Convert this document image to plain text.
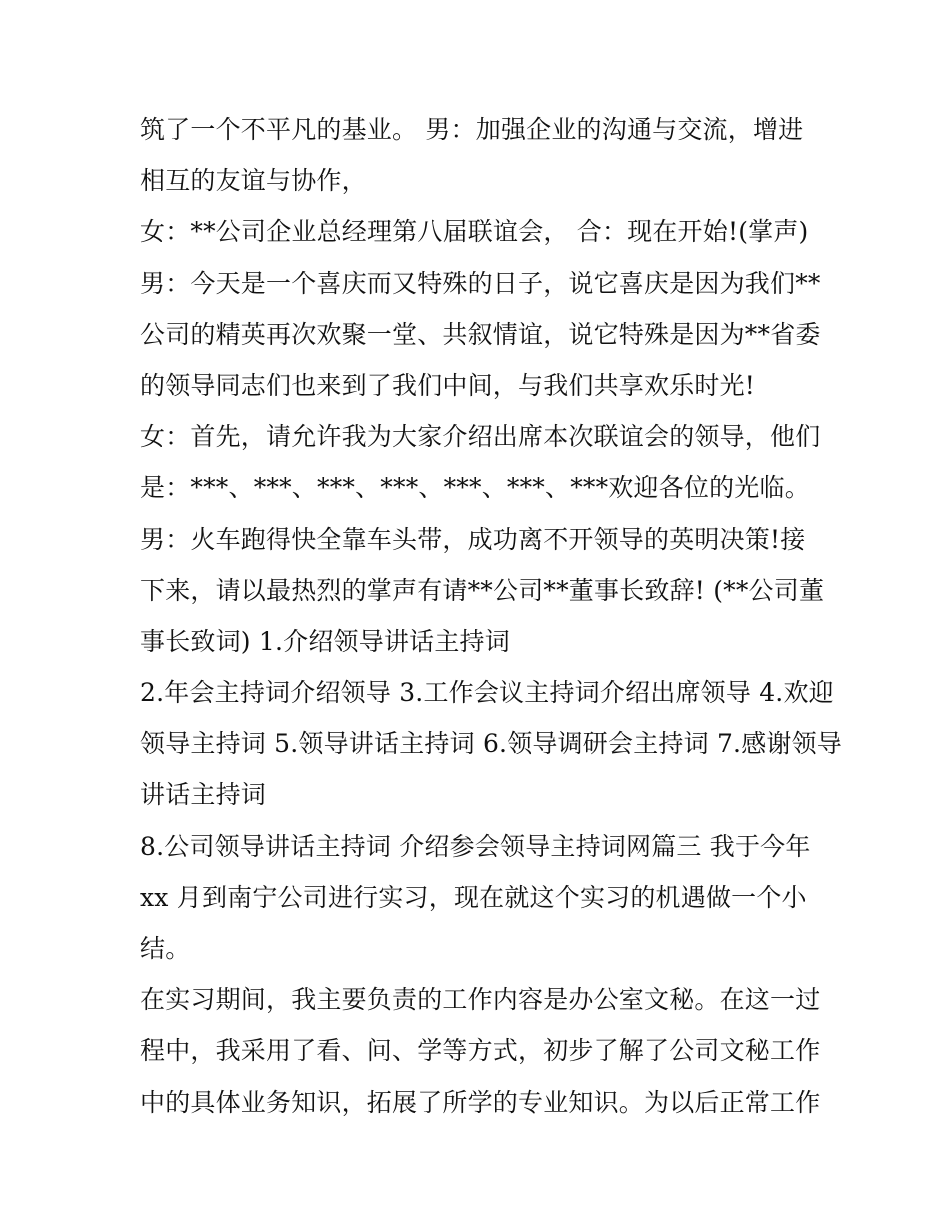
筑了一个不平凡的基业。 男：加强企业的沟通与交流，增进
相互的友谊与协作，
女：**公司企业总经理第八届联谊会， 合：现在开始!(掌声)
男：今天是一个喜庆而又特殊的日子，说它喜庆是因为我们**
公司的精英再次欢聚一堂、共叙情谊，说它特殊是因为**省委
的领导同志们也来到了我们中间，与我们共享欢乐时光!
女：首先，请允许我为大家介绍出席本次联谊会的领导，他们
是：***、***、***、***、***、***、***欢迎各位的光临。
男：火车跑得快全靠车头带，成功离不开领导的英明决策!接
下来，请以最热烈的掌声有请**公司**董事长致辞! (**公司董
事长致词) 1.介绍领导讲话主持词
2.年会主持词介绍领导 3.工作会议主持词介绍出席领导 4.欢迎
领导主持词 5.领导讲话主持词 6.领导调研会主持词 7.感谢领导
讲话主持词
8.公司领导讲话主持词 介绍参会领导主持词网篇三 我于今年
xx 月到南宁公司进行实习，现在就这个实习的机遇做一个小
结。
在实习期间，我主要负责的工作内容是办公室文秘。在这一过
程中，我采用了看、问、学等方式，初步了解了公司文秘工作
中的具体业务知识，拓展了所学的专业知识。为以后正常工作
